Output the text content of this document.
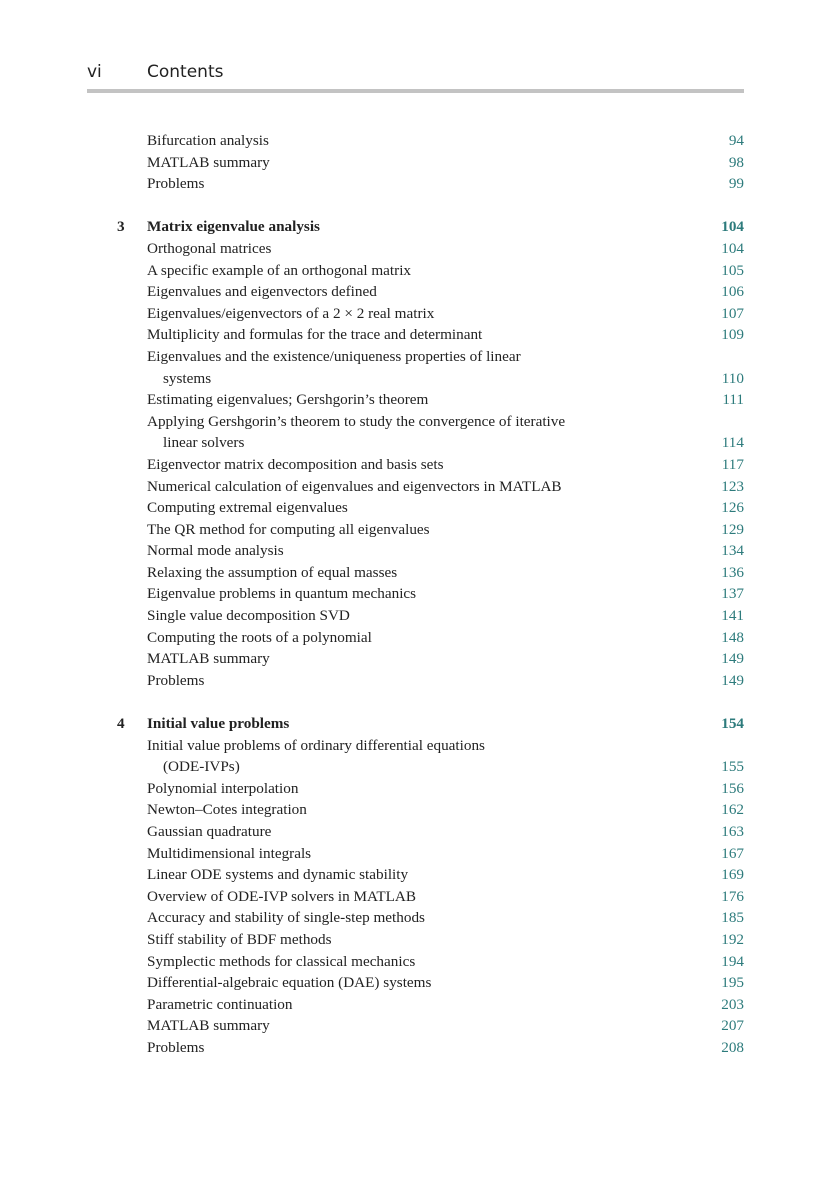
vi	Contents
Bifurcation analysis	94
MATLAB summary	98
Problems	99
3 Matrix eigenvalue analysis	104
Orthogonal matrices	104
A specific example of an orthogonal matrix	105
Eigenvalues and eigenvectors defined	106
Eigenvalues/eigenvectors of a 2 × 2 real matrix	107
Multiplicity and formulas for the trace and determinant	109
Eigenvalues and the existence/uniqueness properties of linear
systems	110
Estimating eigenvalues; Gershgorin’s theorem	111
Applying Gershgorin’s theorem to study the convergence of iterative
linear solvers	114
Eigenvector matrix decomposition and basis sets	117
Numerical calculation of eigenvalues and eigenvectors in MATLAB	123
Computing extremal eigenvalues	126
The QR method for computing all eigenvalues	129
Normal mode analysis	134
Relaxing the assumption of equal masses	136
Eigenvalue problems in quantum mechanics	137
Single value decomposition SVD	141
Computing the roots of a polynomial	148
MATLAB summary	149
Problems	149
4 Initial value problems	154
Initial value problems of ordinary differential equations
(ODE-IVPs)	155
Polynomial interpolation	156
Newton–Cotes integration	162
Gaussian quadrature	163
Multidimensional integrals	167
Linear ODE systems and dynamic stability	169
Overview of ODE-IVP solvers in MATLAB	176
Accuracy and stability of single-step methods	185
Stiff stability of BDF methods	192
Symplectic methods for classical mechanics	194
Differential-algebraic equation (DAE) systems	195
Parametric continuation	203
MATLAB summary	207
Problems	208
